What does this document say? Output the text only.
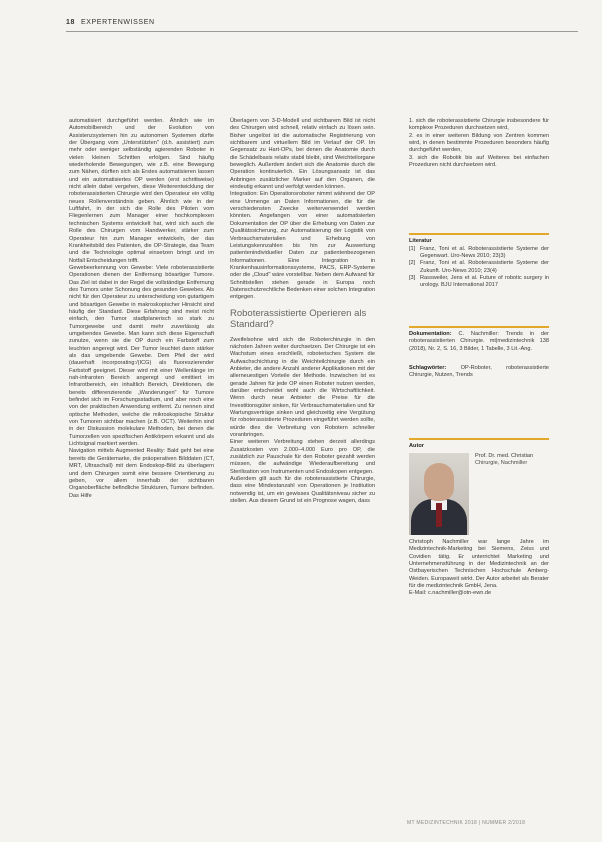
18 EXPERTENWISSEN

automatisiert durchgeführt werden. Ähnlich wie im Automobilbereich und der Evolution von Assistenzsystemen hin zu autonomen Systemen dürfte der Übergang vom „Unterstützten" (d.h. assistiert) zum mehr oder weniger selbständig agierenden Roboter in vielen kleinen Schritten erfolgen. Sind häufig wiederholende Bewegungen, wie z.B. eine Bewegung zum Nähen, dürften sich als Erstes automatisieren lassen und ein automatisiertes OP werden (erst schrittweise) nicht allein dabei vergehen, diese Weiterentwicklung der roboterassistierten Chirurgie wird den Operateur ein völlig neues Rollenverständnis geben. Ähnlich wie in der Luftfahrt, in der sich die Rolle des Piloten vom Fliegenlernen zum Manager einer hochkomplexen technischen Systems entwickelt hat, wird sich auch die Rolle des Chirurgen vom Handwerker, stärker zum Operateur hin zum Manager entwickeln, der das Krankheitsbild des Patienten, die OP-Strategie, das Team und die Technologie optimal einsetzen bringt und im Notfall Entscheidungen trifft.

Gewebeerkennung von Gewebe: Viele roboterassistierte Operationen dienen der Entfernung bösartiger Tumore. Das Ziel ist dabei in der Regel die vollständige Entfernung des Tumors unter Schonung des gesunden Gewebes. Als nicht für den Operateur zu unterscheidung von gutartigem und bösartigen Gewebe in makroskopischer Hinsicht sind häufig der Standard. Diese Erfahrung sind meist nicht einfach, den Tumor stadtplanerisch so stark zu Tumorgewebe und damit mehr zuverlässig als umgebendes Gewebe. Man kann sich diese Eigenschaft zunutze, wenn sie die OP durch ein Farbstoff zum leuchten angeregt wird. Der Tumor leuchtet dann stärker als das umgebende Gewebe. Dem Pfeil der wird (dauerhaft incorporating:/(ICG) als fluoreszierender Farbstoff geeignet. Dieser wird mit einer Wellenlänge im nah-infraroten Bereich angeregt und emittiert im Infrarotbereich, ein inhaltlich Bereich, Direktionen, die bereits differenzierende „Wanderungen" für Tumore befindet sich im Forschungsstadium, und aber noch eine von der praktischen Anwendung entfernt. Zu nennen sind optische Methoden, welche die mikroskopische Struktur von Tumoren sichtbar machen (z.B. OCT). Weiterhin sind in der Diskussion molekulare Methoden, bei denen die Tumorzellen von spezifischen Antikörpern erkannt und als Lichtsignal markiert werden.

Navigation mittels Augmented Reality: Bald geht bei eine bereits die Gerätemarke, die präoperativen Bilddaten (CT, MRT, Ultraschall) mit dem Endoskop-Bild zu überlagern und dem Chirurgen somit eine bessere Orientierung zu geben, vor allem innerhalb der sichtbaren Organoberfläche befindliche Strukturen, Tumore befinden. Das Hilfe

Überlagern von 3-D-Modell und sichtbarem Bild ist nicht des Chirurgen wird schnell, relativ einfach zu lösen sein. Bisher ungelöst ist die automatische Registrierung von sichtbarem und virtuellem Bild im Verlauf der OP. Im Gegensatz zu Hart-OPs, bei denen die Anatomie durch die Schädelbasis relativ stabil bleibt, sind Weichteilorgane beweglich. Außerdem ändert sich die Anatomie durch die Operation kontinuierlich. Ein Lösungsansatz ist das Anbringen zusätzlicher Marker auf den Organen, die eindeutig erkannt und verfolgt werden können.

Integration: Ein Operationsroboter nimmt während der OP eine Unmenge an Daten Informationen, die für die verschiedensten Zwecke weiterverwendet werden könnten. Angefangen von einer automatisierten Dokumentation der OP über die Erhebung von Daten zur Qualitätssicherung, zur Automatisierung der Logistik von Verbrauchsmaterialien und Erhebung von Leistungskennzahlen bis hin zur Auswertung patientenindividueller Daten zur patientenbezogenen Informationen. Eine Integration in Krankenhausinformationssysteme, PACS, ERP-Systeme oder die „Cloud" wäre vorstellbar. Neben dem Aufwand für Schnittstellen stehen gerade in Europa noch Datenschutzrechtliche Bedenken einer solchen Integration entgegen.

Roboterassistierte Operieren als Standard?

Zweifelsohne wird sich die Roboterchirurgie in den nächsten Jahren weiter durchsetzen. Der Chirurgie ist ein Wachstum eines erschließt, roboterisches System die Aufwachschichtung in die Weichteilchirurgie durch ein Anbieter, die andere Anzahl anderer Applikationen mit der allerneuestigen Vorteile der Methode. Inzwischen ist es gerade Jahren für jede OP einen Roboter nutzen werden, darüber entscheidet wohl auch die Wirtschaftlichkeit. Wenn durch neue Anbieter die Preise für die Investitionsgüter sinken, für Verbrauchsmaterialien und für Wartungsverträge sinken und gleichzeitig eine Vergütung für roboterassistierte Prozeduren eingeführt werden sollte, würde dies die Verbreitung von Robotern schneller voranbringen.

Einer weiteren Verbreitung stehen derzeit allerdings Zusatzkosten von 2.000–4.000 Euro pro OP, die zusätzlich zur Pauschale für den Roboter gezahlt werden müssen, die aufwändige Wiederaufbereitung und Sterilisation von Instrumenten und Endoskopen entgegen.

Außerdem gilt auch für die roboterassistierte Chirurgie, dass eine Mindestanzahl von Operationen je Institution notwendig ist, um ein gewisses Qualitätsniveau sicher zu stellen. Aus diesem Grund ist ein Prognose wagen, dass

1. sich die roboterassistierte Chirurgie insbesondere für komplexe Prozeduren durchsetzen wird,

2. es in einer weiteren Bildung von Zentren kommen wird, in denen bestimmte Prozeduren besonders häufig durchgeführt werden,

3. sich die Robotik bis auf Weiteres bei einfachen Prozeduren nicht durchsetzen wird.

Literatur
[1] Franz, Toni et al. Roboterassistierte Systeme der Gegenwart. Uro-News 2010; 23(3)
[2] Franz, Toni et al. Roboterassistierte Systeme der Zukunft. Uro-News 2010; 23(4)
[3] Rassweiler, Jens et al. Future of robotic surgery in urology. BJU International 2017

Dokumentation: C. Nachmiller: Trends in der roboterassistierten Chirurgie. mt|medizintechnik 138 (2018), Nr. 2, S. 16, 3 Bilder, 1 Tabelle, 3 Lit.-Ang.

Schlagwörter:	OP-Roboter, roboterassistierte Chirurgie, Nutzen, Trends

Autor
Prof. Dr. med. Christian
Chirurgie, Nachmiller

Christoph Nachmiller war lange Jahre im Medizintechnik-Marketing bei Siemens, Zeiss und Covidien tätig. Er unterrichtet Marketing und Unternehmensführung in der Medizintechnik an der Ostbayerischen Technischen Hochschule Amberg-Weiden. Europaweit wirkt. Der Autor arbeitet als Berater für die medizintechnik GmbH, Jena.

E-Mail: c.nachmiller@otn-ewn.de

MT MEDIZINTECHNIK 2018 | NUMMER 2/2018
